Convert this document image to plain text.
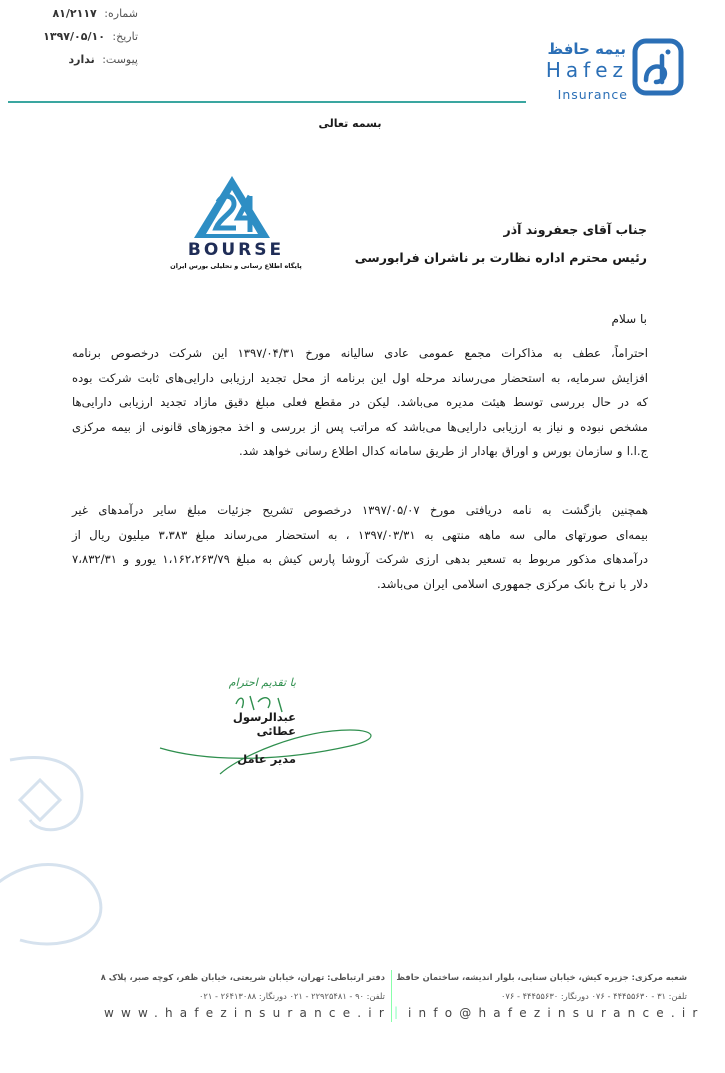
شماره: ۸۱/۲۱۱۷
تاریخ: ۱۳۹۷/۰۵/۱۰
پیوست: ندارد
بیمه حافظ
Hafez
Insurance
بسمه تعالی
BOURSE
پایگاه اطلاع رسانی و تحلیلی بورس ایران
جناب آقای جعفروند آذر
رئیس محترم اداره نظارت بر ناشران فرابورسی
با سلام
احتراماً، عطف به مذاکرات مجمع عمومی عادی سالیانه مورخ ۱۳۹۷/۰۴/۳۱ این شرکت درخصوص برنامه
افزایش سرمایه، به استحضار می‌رساند مرحله اول این برنامه از محل تجدید ارزیابی دارایی‌های ثابت شرکت بوده
که در حال بررسی توسط هیئت مدیره می‌باشد. لیکن در مقطع فعلی مبلغ دقیق مازاد تجدید ارزیابی دارایی‌ها
مشخص نبوده و نیاز به ارزیابی دارایی‌ها می‌باشد که مراتب پس از بررسی و اخذ مجوزهای قانونی از بیمه مرکزی
ج.ا.ا و سازمان بورس و اوراق بهادار از طریق سامانه کدال اطلاع رسانی خواهد شد.
همچنین بازگشت به نامه دریافتی مورخ ۱۳۹۷/۰۵/۰۷ درخصوص تشریح جزئیات مبلغ سایر درآمدهای غیر
بیمه‌ای صورتهای مالی سه ماهه منتهی به ۱۳۹۷/۰۳/۳۱ ، به استحضار می‌رساند مبلغ ۳،۳۸۳ میلیون ریال از
درآمدهای مذکور مربوط به تسعیر بدهی ارزی شرکت آروشا پارس کیش به مبلغ ۱،۱۶۲،۲۶۳/۷۹ یورو و ۷،۸۳۲/۳۱
دلار با نرخ بانک مرکزی جمهوری اسلامی ایران می‌باشد.
با تقدیم احترام
عبدالرسول عطائی
مدیر عامل
شعبه مرکزی: جزیره کیش، خیابان سنایی، بلوار اندیشه، ساختمان حافظ
تلفن: ۳۱ - ۴۴۴۵۵۶۳۰ - ۰۷۶ دورنگار: ۴۴۴۵۵۶۳۰ - ۰۷۶
دفتر ارتباطی: تهران، خیابان شریعتی، خیابان ظفر، کوچه صبر، پلاک ۸
تلفن: ۹۰ - ۲۲۹۲۵۴۸۱ - ۰۲۱ دورنگار: ۲۶۴۱۳۰۸۸ - ۰۲۱
www.hafezinsurance.ir | info@hafezinsurance.ir
